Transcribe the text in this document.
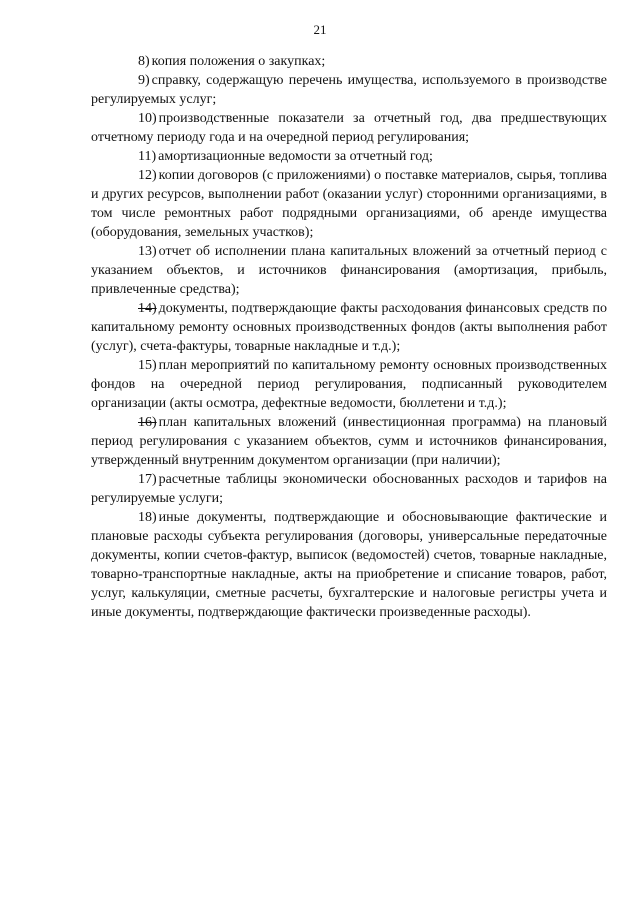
21

8) копия положения о закупках;

9) справку, содержащую перечень имущества, используемого в производстве регулируемых услуг;

10) производственные показатели за отчетный год, два предшествующих отчетному периоду года и на очередной период регулирования;

11) амортизационные ведомости за отчетный год;

12) копии договоров (с приложениями) о поставке материалов, сырья, топлива и других ресурсов, выполнении работ (оказании услуг) сторонними организациями, в том числе ремонтных работ подрядными организациями, об аренде имущества (оборудования, земельных участков);

13) отчет об исполнении плана капитальных вложений за отчетный период с указанием объектов, и источников финансирования (амортизация, прибыль, привлеченные средства);

14) документы, подтверждающие факты расходования финансовых средств по капитальному ремонту основных производственных фондов (акты выполнения работ (услуг), счета-фактуры, товарные накладные и т.д.);

15) план мероприятий по капитальному ремонту основных производственных фондов на очередной период регулирования, подписанный руководителем организации (акты осмотра, дефектные ведомости, бюллетени и т.д.);

16) план капитальных вложений (инвестиционная программа) на плановый период регулирования с указанием объектов, сумм и источников финансирования, утвержденный внутренним документом организации (при наличии);

17) расчетные таблицы экономически обоснованных расходов и тарифов на регулируемые услуги;

18) иные документы, подтверждающие и обосновывающие фактические и плановые расходы субъекта регулирования (договоры, универсальные передаточные документы, копии счетов-фактур, выписок (ведомостей) счетов, товарные накладные, товарно-транспортные накладные, акты на приобретение и списание товаров, работ, услуг, калькуляции, сметные расчеты, бухгалтерские и налоговые регистры учета и иные документы, подтверждающие фактически произведенные расходы).
